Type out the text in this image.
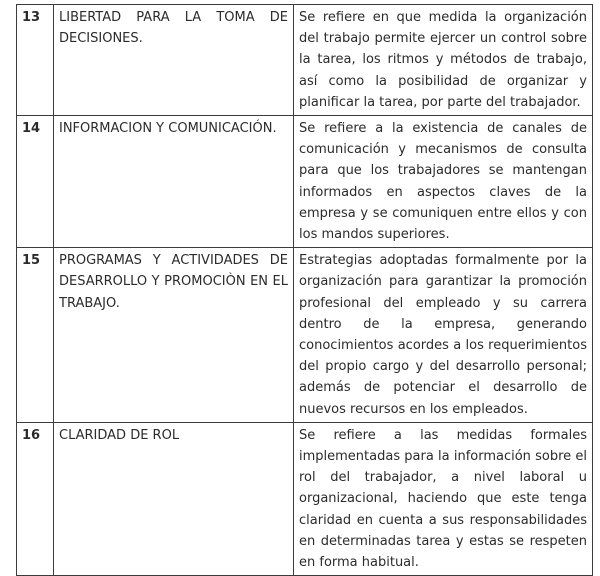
13	LIBERTAD PARA LA TOMA DE DECISIONES.	Se refiere en que medida la organización del trabajo permite ejercer un control sobre la tarea, los ritmos y métodos de trabajo, así como la posibilidad de organizar y planificar la tarea, por parte del trabajador.
14	INFORMACION Y COMUNICACIÓN.	Se refiere a la existencia de canales de comunicación y mecanismos de consulta para que los trabajadores se mantengan informados en aspectos claves de la empresa y se comuniquen entre ellos y con los mandos superiores.
15	PROGRAMAS Y ACTIVIDADES DE DESARROLLO Y PROMOCIÒN EN EL TRABAJO.	Estrategias adoptadas formalmente por la organización para garantizar la promoción profesional del empleado y su carrera dentro de la empresa, generando conocimientos acordes a los requerimientos del propio cargo y del desarrollo personal; además de potenciar el desarrollo de nuevos recursos en los empleados.
16	CLARIDAD DE ROL	Se refiere a las medidas formales implementadas para la información sobre el rol del trabajador, a nivel laboral u organizacional, haciendo que este tenga claridad en cuenta a sus responsabilidades en determinadas tarea y estas se respeten en forma habitual.
